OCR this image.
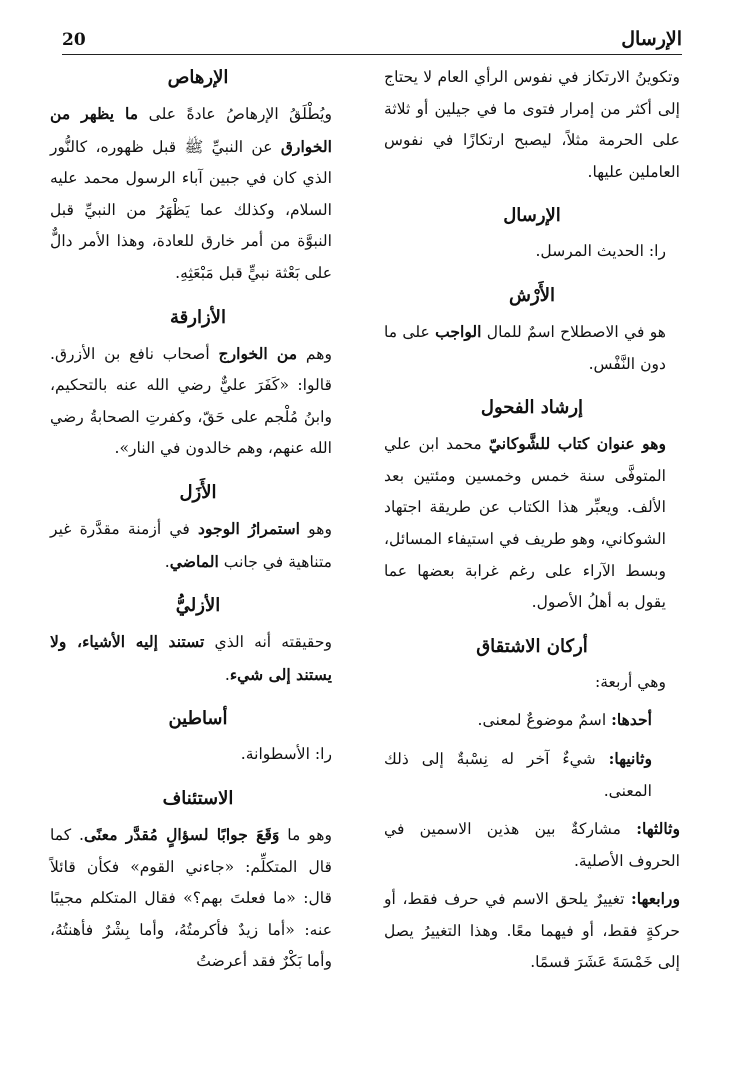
20	الإرسال

وتكوينُ الارتكاز في نفوس الرأي العام لا يحتاج إلى أكثر من إمرار فتوى ما في جيلين أو ثلاثة على الحرمة مثلاً، ليصبح ارتكازًا في نفوس العاملين عليها.

الإرسال

را: الحديث المرسل.

الأَرْش

هو في الاصطلاح اسمٌ للمال الواجب على ما دون النَّفْس.

إرشاد الفحول

وهو عنوان كتاب للشَّوكانيّ محمد ابن علي المتوفَّى سنة خمس وخمسين ومئتين بعد الألف. ويعبِّر هذا الكتاب عن طريقة اجتهاد الشوكاني، وهو طريف في استيفاء المسائل، وبسط الآراء على رغم غرابة بعضها عما يقول به أهلُ الأصول.

أركان الاشتقاق

وهي أربعة:

أحدها: اسمٌ موضوعٌ لمعنى.

وثانيها: شيءٌ آخر له نِسْبةٌ إلى ذلك المعنى.

وثالثها: مشاركةٌ بين هذين الاسمين في الحروف الأصلية.

ورابعها: تغييرٌ يلحق الاسم في حرف فقط، أو حركةٍ فقط، أو فيهما معًا. وهذا التغييرُ يصل إلى خَمْسَةَ عَشَرَ قسمًا.

الإرهاص

ويُطْلَقُ الإرهاصُ عادةً على ما يظهر من الخوارق عن النبيِّ ﷺ قبل ظهوره، كالنُّور الذي كان في جبين آباء الرسول محمد عليه السلام، وكذلك عما يَظْهَرُ من النبيِّ قبل النبوَّة من أمر خارق للعادة، وهذا الأمر دالٌّ على بَعْثة نبيٍّ قبل مَبْعَثِهِ.

الأزارقة

وهم من الخوارج أصحاب نافع بن الأزرق. قالوا: «كَفَرَ عليٌّ رضي الله عنه بالتحكيم، وابنُ مُلْجم على حَقّ، وكفرتِ الصحابةُ رضي الله عنهم، وهم خالدون في النار».

الأَزَل

وهو استمرارُ الوجود في أزمنة مقدَّرة غير متناهية في جانب الماضي.

الأزليُّ

وحقيقته أنه الذي تستند إليه الأشياء، ولا يستند إلى شيء.

أساطين

را: الأسطوانة.

الاستئناف

وهو ما وَقَعَ جوابًا لسؤالٍ مُقدَّر معنًى. كما قال المتكلِّم: «جاءني القوم» فكأن قائلاً قال: «ما فعلتَ بهم؟» فقال المتكلم مجيبًا عنه: «أما زيدٌ فأكرمتُهُ، وأما بِشْرٌ فأهنتُهُ، وأما بَكْرٌ فقد أعرضتُ
